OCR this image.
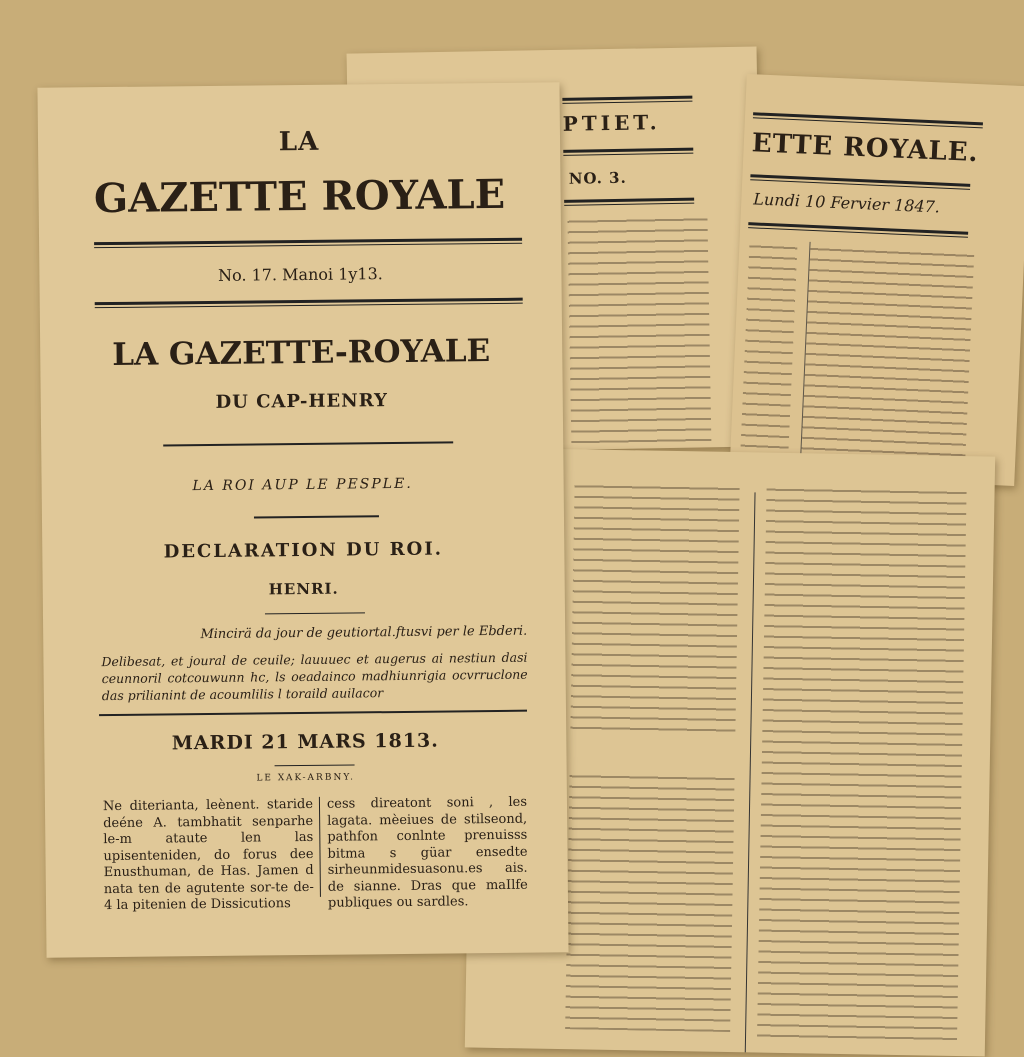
PTIET.
NO. 3.
ETTE ROYALE.
Lundi 10 Fervier 1847.
LA
GAZETTE ROYALE
No. 17. Manoi 1y13.
LA GAZETTE-ROYALE
DU CAP-HENRY
LA ROI AUP LE PESPLE.
DECLARATION DU ROI.
HENRI.
Mincirä da jour de geutiortal.ftusvi per le Ebderi.
Delibesat, et joural de ceuile; lauuuec et augerus ai nestiun dasi ceunnoril cotcouwunn hc, ls oeadainco madhiunrigia ocvrruclone das prilianint de acoumlilis l toraild auilacor
MARDI 21 MARS 1813.
LE XAK-ARBNY.
Ne diterianta, leènent. staride deéne A. tambhatit senparhe le-m ataute len las upisenteniden, do forus dee Enusthuman, de Has. Jamen d nata ten de agutente sor-te de-4 la pitenien de Dissicutions
cess direatont soni , les lagata. mèeiues de stilseond, pathfon conlnte prenuisss bitma s güar ensedte sirheunmidesuasonu.es ais. de sianne. Dras que maIlfe publiques ou sardles.
